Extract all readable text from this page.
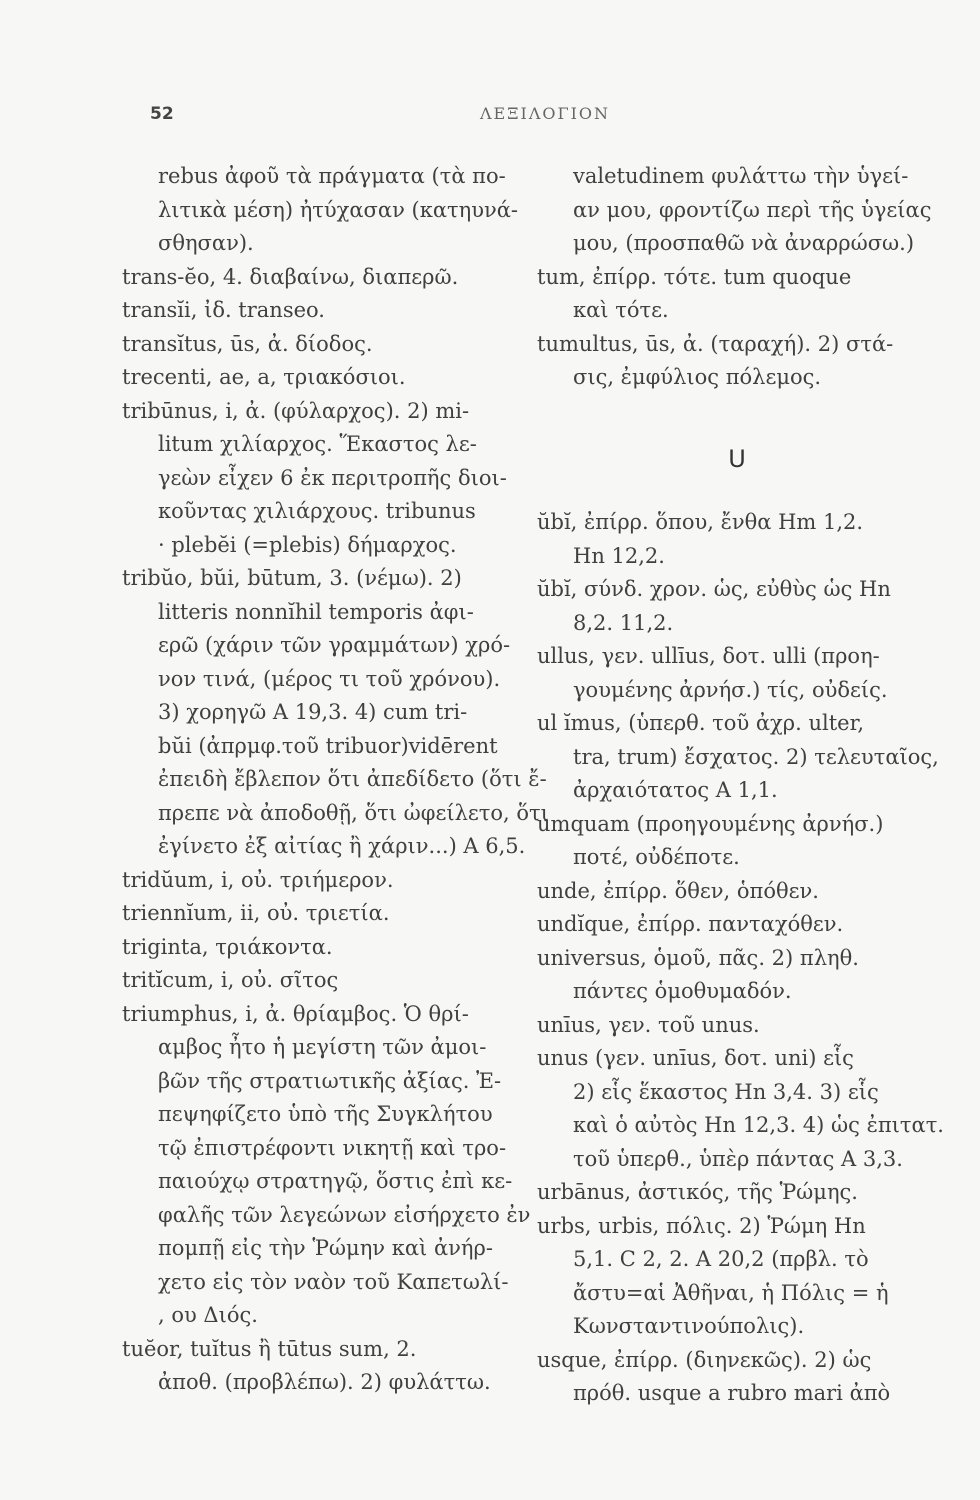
52	ΛΕΞΙΛΟΓΙΟΝ
rebus ἀφοῦ τὰ πράγματα (τὰ πο-
λιτικὰ μέση) ἠτύχασαν (κατηυνά-
σθησαν).
trans-ĕo, 4. διαβαίνω, διαπερῶ.
transĭi, ἰδ. transeo.
transĭtus, ūs, ἀ. δίοδος.
trecenti, ae, a, τριακόσιοι.
tribūnus, i, ἀ. (φύλαρχος). 2) mi-
litum χιλίαρχος. Ἕκαστος λε-
γεὼν εἶχεν 6 ἐκ περιτροπῆς διοι-
κοῦντας χιλιάρχους. tribunus
· plebĕi (=plebis) δήμαρχος.
tribŭo, bŭi, būtum, 3. (νέμω). 2)
litteris nonnĭhil temporis ἀφι-
ερῶ (χάριν τῶν γραμμάτων) χρό-
νον τινά, (μέρος τι τοῦ χρόνου).
3) χορηγῶ A 19,3. 4) cum tri-
bŭi (ἀπρμφ.τοῦ tribuor)vidērent
ἐπειδὴ ἔβλεπον ὅτι ἀπεδίδετο (ὅτι ἔ-
πρεπε νὰ ἀποδοθῇ, ὅτι ὠφείλετο, ὅτι
ἐγίνετο ἐξ αἰτίας ἢ χάριν...) A 6,5.
tridŭum, i, οὐ. τριήμερον.
triennĭum, ii, οὐ. τριετία.
triginta, τριάκοντα.
tritĭcum, i, οὐ. σῖτος
triumphus, i, ἀ. θρίαμβος. Ὁ θρί-
αμβος ἦτο ἡ μεγίστη τῶν ἀμοι-
βῶν τῆς στρατιωτικῆς ἀξίας. Ἐ-
πεψηφίζετο ὑπὸ τῆς Συγκλήτου
τῷ ἐπιστρέφοντι νικητῇ καὶ τρο-
παιούχῳ στρατηγῷ, ὅστις ἐπὶ κε-
φαλῆς τῶν λεγεώνων εἰσήρχετο ἐν
πομπῇ εἰς τὴν Ῥώμην καὶ ἀνήρ-
χετο εἰς τὸν ναὸν τοῦ Καπετωλί-
, ου Διός.
tuĕor, tuĭtus ἢ tūtus sum, 2.
ἀποθ. (προβλέπω). 2) φυλάττω.
valetudinem φυλάττω τὴν ὑγεί-
αν μου, φροντίζω περὶ τῆς ὑγείας
μου, (προσπαθῶ νὰ ἀναρρώσω.)
tum, ἐπίρρ. τότε. tum quoque
καὶ τότε.
tumultus, ūs, ἀ. (ταραχή). 2) στά-
σις, ἐμφύλιος πόλεμος.
U
ŭbĭ, ἐπίρρ. ὅπου, ἔνθα Hm 1,2.
Hn 12,2.
ŭbĭ, σύνδ. χρον. ὡς, εὐθὺς ὡς Hn
8,2. 11,2.
ullus, γεν. ullīus, δοτ. ulli (προη-
γουμένης ἀρνήσ.) τίς, οὐδείς.
ul ĭmus, (ὑπερθ. τοῦ ἀχρ. ulter,
tra, trum) ἔσχατος. 2) τελευταῖος,
ἀρχαιότατος A 1,1.
umquam (προηγουμένης ἀρνήσ.)
ποτέ, οὐδέποτε.
unde, ἐπίρρ. ὅθεν, ὁπόθεν.
undĭque, ἐπίρρ. πανταχόθεν.
universus, ὁμοῦ, πᾶς. 2) πληθ.
πάντες ὁμοθυμαδόν.
unīus, γεν. τοῦ unus.
unus (γεν. unīus, δοτ. uni) εἷς
2) εἷς ἕκαστος Hn 3,4. 3) εἷς
καὶ ὁ αὐτὸς Hn 12,3. 4) ὡς ἐπιτατ.
τοῦ ὑπερθ., ὑπὲρ πάντας A 3,3.
urbānus, ἀστικός, τῆς Ῥώμης.
urbs, urbis, πόλις. 2) Ῥώμη Hn
5,1. C 2, 2. A 20,2 (πρβλ. τὸ
ἄστυ=αἱ Ἀθῆναι, ἡ Πόλις = ἡ
Κωνσταντινούπολις).
usque, ἐπίρρ. (διηνεκῶς). 2) ὡς
πρόθ. usque a rubro mari ἀπὸ
